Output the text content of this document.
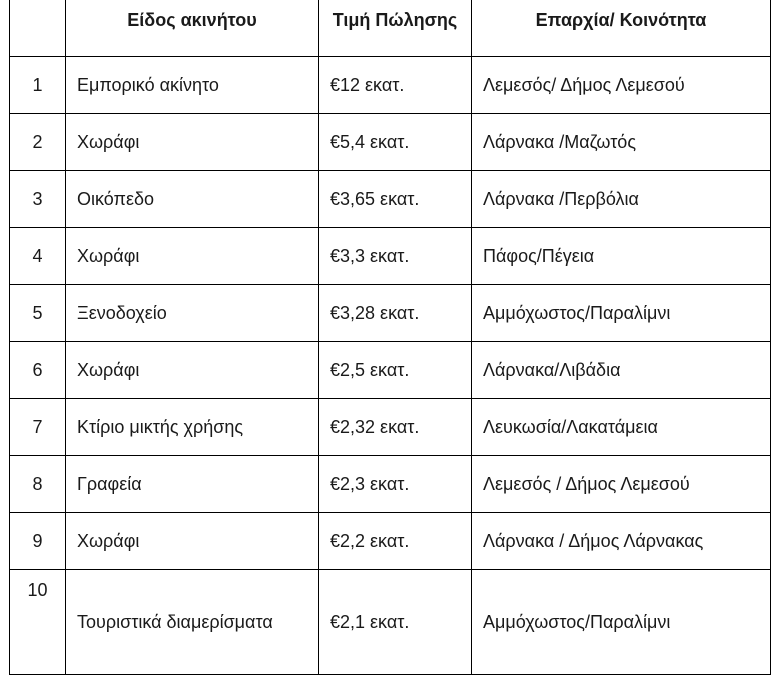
	Είδος ακινήτου	Τιμή Πώλησης	Επαρχία/ Κοινότητα
1	Εμπορικό ακίνητο	€12 εκατ.	Λεμεσός/ Δήμος Λεμεσού
2	Χωράφι	€5,4 εκατ.	Λάρνακα /Μαζωτός
3	Οικόπεδο	€3,65 εκατ.	Λάρνακα /Περβόλια
4	Χωράφι	€3,3 εκατ.	Πάφος/Πέγεια
5	Ξενοδοχείο	€3,28 εκατ.	Αμμόχωστος/Παραλίμνι
6	Χωράφι	€2,5 εκατ.	Λάρνακα/Λιβάδια
7	Κτίριο μικτής χρήσης	€2,32 εκατ.	Λευκωσία/Λακατάμεια
8	Γραφεία	€2,3 εκατ.	Λεμεσός / Δήμος Λεμεσού
9	Χωράφι	€2,2 εκατ.	Λάρνακα / Δήμος Λάρνακας
10	Τουριστικά διαμερίσματα	€2,1 εκατ.	Αμμόχωστος/Παραλίμνι
